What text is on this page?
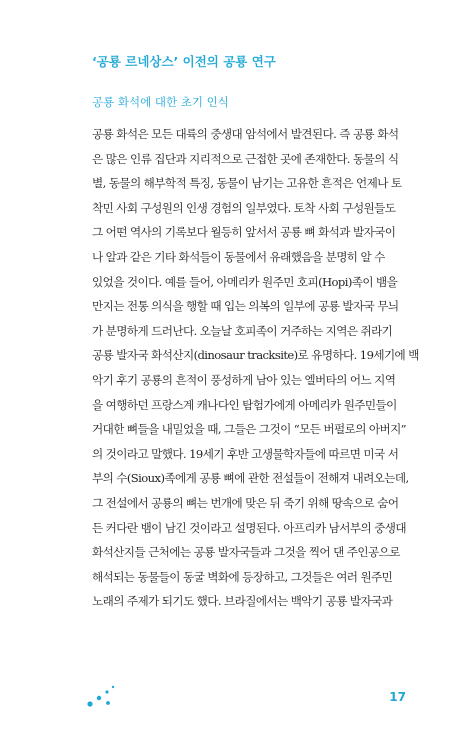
‘공룡 르네상스’ 이전의 공룡 연구
공룡 화석에 대한 초기 인식
공룡 화석은 모든 대륙의 중생대 암석에서 발견된다. 즉 공룡 화석
은 많은 인류 집단과 지리적으로 근접한 곳에 존재한다. 동물의 식
별, 동물의 해부학적 특징, 동물이 남기는 고유한 흔적은 언제나 토
착민 사회 구성원의 인생 경험의 일부였다. 토착 사회 구성원들도
그 어떤 역사의 기록보다 월등히 앞서서 공룡 뼈 화석과 발자국이
나 알과 같은 기타 화석들이 동물에서 유래했음을 분명히 알 수
있었을 것이다. 예를 들어, 아메리카 원주민 호피(Hopi)족이 뱀을
만지는 전통 의식을 행할 때 입는 의복의 일부에 공룡 발자국 무늬
가 분명하게 드러난다. 오늘날 호피족이 거주하는 지역은 쥐라기
공룡 발자국 화석산지(dinosaur tracksite)로 유명하다. 19세기에 백
악기 후기 공룡의 흔적이 풍성하게 남아 있는 엘버타의 어느 지역
을 여행하던 프랑스계 캐나다인 탐험가에게 아메리카 원주민들이
거대한 뼈들을 내밀었을 때, 그들은 그것이 “모든 버펄로의 아버지”
의 것이라고 말했다. 19세기 후반 고생물학자들에 따르면 미국 서
부의 수(Sioux)족에게 공룡 뼈에 관한 전설들이 전해져 내려오는데,
그 전설에서 공룡의 뼈는 번개에 맞은 뒤 죽기 위해 땅속으로 숨어
든 커다란 뱀이 남긴 것이라고 설명된다. 아프리카 남서부의 중생대
화석산지들 근처에는 공룡 발자국들과 그것을 찍어 댄 주인공으로
해석되는 동물들이 동굴 벽화에 등장하고, 그것들은 여러 원주민
노래의 주제가 되기도 했다. 브라질에서는 백악기 공룡 발자국과
17
